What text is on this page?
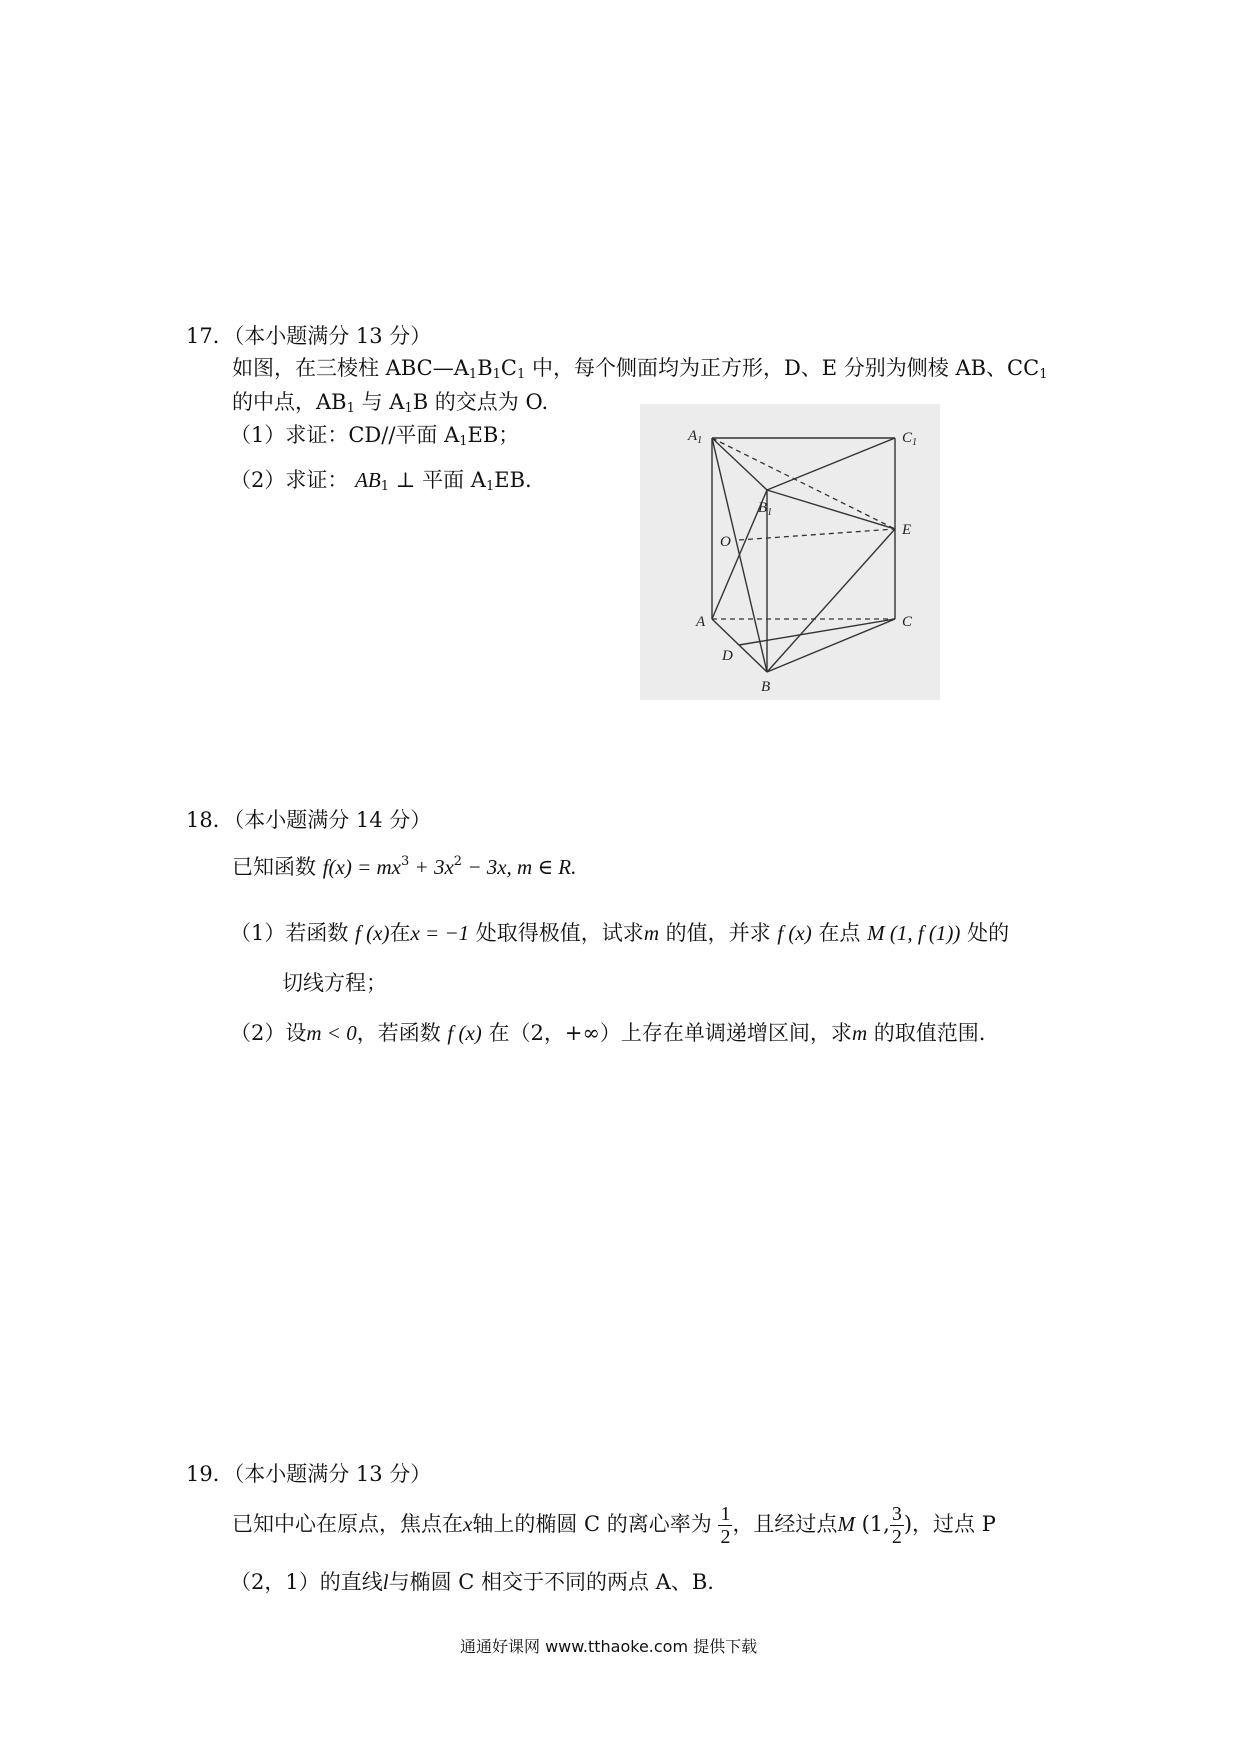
17．（本小题满分 13 分）
如图，在三棱柱 $ABC—A_1B_1C_1$ 中，每个侧面均为正方形，D、E 分别为侧棱 AB、$CC_1$
的中点，$AB_1$ 与 $A_1B$ 的交点为 O.
（1）求证：CD//平面 $A_1EB$；
（2）求证： $AB_1$ ⊥ 平面 $A_1EB$.
$A_1$	$C_1$
$B_1$
O
E
A	C
D
B
18．（本小题满分 14 分）
已知函数 $f(x) = mx^3 + 3x^2 - 3x$, m ∈ R.
（1）若函数 f (x)在x = −1 处取得极值，试求m 的值，并求 f (x) 在点 M (1, f (1)) 处的
切线方程；
（2）设m < 0，若函数 f (x) 在（2，+∞）上存在单调递增区间，求m 的取值范围.
19．（本小题满分 13 分）
已知中心在原点，焦点在x轴上的椭圆 C 的离心率为 $\frac{1}{2}$ ，且经过点M (1, $\frac{3}{2}$ )，过点 P
（2，1）的直线l与椭圆 C 相交于不同的两点 A、B.
通通好课网 www.tthaoke.com 提供下载
